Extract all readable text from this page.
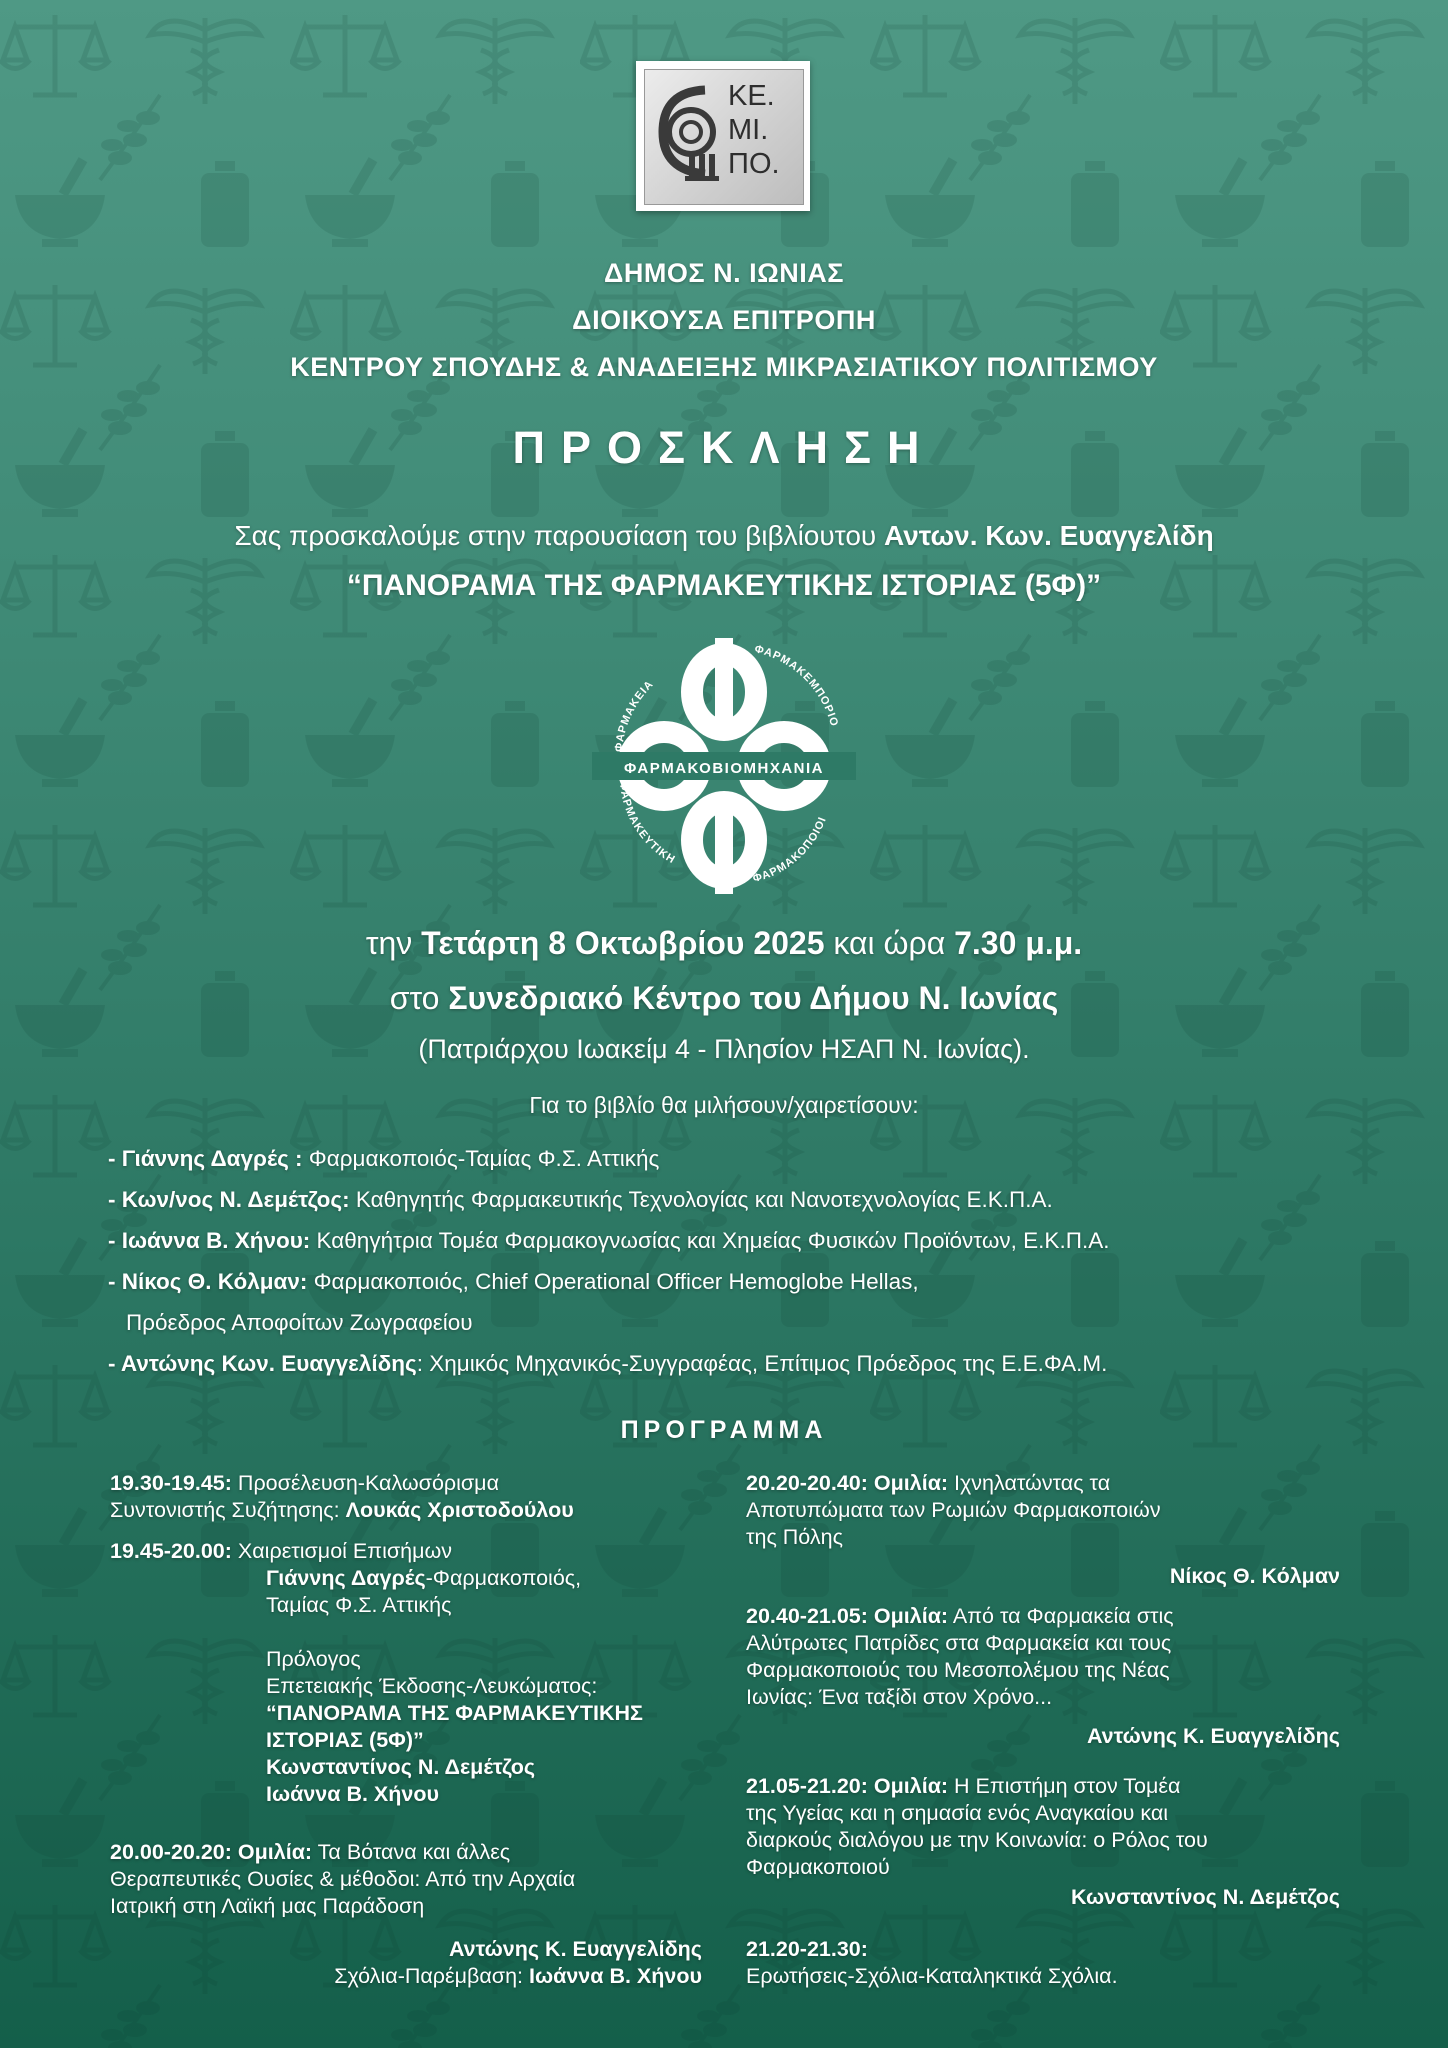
ΚΕ.
ΜΙ.
ΠΟ.
ΔΗΜΟΣ Ν. ΙΩΝΙΑΣ
ΔΙΟΙΚΟΥΣΑ ΕΠΙΤΡΟΠΗ
ΚΕΝΤΡΟΥ ΣΠΟΥΔΗΣ & ΑΝΑΔΕΙΞΗΣ ΜΙΚΡΑΣΙΑΤΙΚΟΥ ΠΟΛΙΤΙΣΜΟΥ
ΠΡΟΣΚΛΗΣΗ
Σας προσκαλούμε στην παρουσίαση του βιβλίουτου Αντων. Κων. Ευαγγελίδη
“ΠΑΝΟΡΑΜΑ ΤΗΣ ΦΑΡΜΑΚΕΥΤΙΚΗΣ ΙΣΤΟΡΙΑΣ (5Φ)”
ΦΑΡΜΑΚΟΒΙΟΜΗΧΑΝΙΑ
ΦΑΡΜΑΚΕΙΑ
ΦΑΡΜΑΚΕΜΠΟΡΙΟ
ΦΑΡΜΑΚΕΥΤΙΚΗ
ΦΑΡΜΑΚΟΠΟΙΟΙ
την Τετάρτη 8 Οκτωβρίου 2025 και ώρα 7.30 μ.μ.
στο Συνεδριακό Κέντρο του Δήμου Ν. Ιωνίας
(Πατριάρχου Ιωακείμ 4 - Πλησίον ΗΣΑΠ Ν. Ιωνίας).
Για το βιβλίο θα μιλήσουν/χαιρετίσουν:
- Γιάννης Δαγρές : Φαρμακοποιός-Ταμίας Φ.Σ. Αττικής
- Κων/νος Ν. Δεμέτζος: Καθηγητής Φαρμακευτικής Τεχνολογίας και Νανοτεχνολογίας Ε.Κ.Π.Α.
- Ιωάννα Β. Χήνου: Καθηγήτρια Τομέα Φαρμακογνωσίας και Χημείας Φυσικών Προϊόντων, Ε.Κ.Π.Α.
- Νίκος Θ. Κόλμαν: Φαρμακοποιός, Chief Operational Officer Hemoglobe Hellas,
Πρόεδρος Αποφοίτων Ζωγραφείου
- Αντώνης Κων. Ευαγγελίδης: Χημικός Μηχανικός-Συγγραφέας, Επίτιμος Πρόεδρος της Ε.Ε.ΦΑ.Μ.
ΠΡΟΓΡΑΜΜΑ
19.30-19.45: Προσέλευση-Καλωσόρισμα
Συντονιστής Συζήτησης: Λουκάς Χριστοδούλου
19.45-20.00: Χαιρετισμοί Επισήμων
Γιάννης Δαγρές-Φαρμακοποιός,
Ταμίας Φ.Σ. Αττικής
Πρόλογος
Επετειακής Έκδοσης-Λευκώματος:
“ΠΑΝΟΡΑΜΑ ΤΗΣ ΦΑΡΜΑΚΕΥΤΙΚΗΣ
ΙΣΤΟΡΙΑΣ (5Φ)”
Κωνσταντίνος Ν. Δεμέτζος
Ιωάννα Β. Χήνου
20.00-20.20: Ομιλία: Τα Βότανα και άλλες
Θεραπευτικές Ουσίες & μέθοδοι: Από την Αρχαία
Ιατρική στη Λαϊκή μας Παράδοση
Αντώνης Κ. Ευαγγελίδης
Σχόλια-Παρέμβαση: Ιωάννα Β. Χήνου
20.20-20.40: Ομιλία: Ιχνηλατώντας τα
Αποτυπώματα των Ρωμιών Φαρμακοποιών
της Πόλης
Νίκος Θ. Κόλμαν
20.40-21.05: Ομιλία: Από τα Φαρμακεία στις
Αλύτρωτες Πατρίδες στα Φαρμακεία και τους
Φαρμακοποιούς του Μεσοπολέμου της Νέας
Ιωνίας: Ένα ταξίδι στον Χρόνο...
Αντώνης Κ. Ευαγγελίδης
21.05-21.20: Ομιλία: Η Επιστήμη στον Τομέα
της Υγείας και η σημασία ενός Αναγκαίου και
διαρκούς διαλόγου με την Κοινωνία: ο Ρόλος του
Φαρμακοποιού
Κωνσταντίνος Ν. Δεμέτζος
21.20-21.30:
Ερωτήσεις-Σχόλια-Καταληκτικά Σχόλια.
